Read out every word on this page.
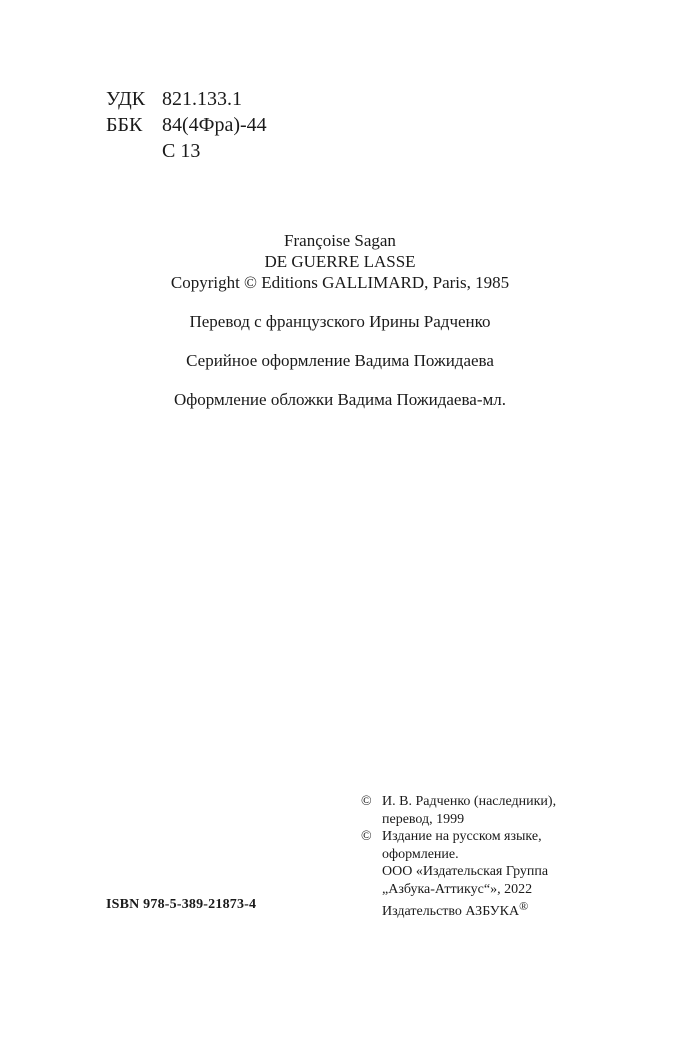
УДК 821.133.1
ББК 84(4Фра)-44
С 13
Françoise Sagan
DE GUERRE LASSE
Copyright © Editions GALLIMARD, Paris, 1985
Перевод с французского Ирины Радченко
Серийное оформление Вадима Пожидаева
Оформление обложки Вадима Пожидаева-мл.
ISBN 978-5-389-21873-4
© И. В. Радченко (наследники),
перевод, 1999
© Издание на русском языке,
оформление.
ООО «Издательская Группа
„Азбука-Аттикус“», 2022
Издательство АЗБУКА®
